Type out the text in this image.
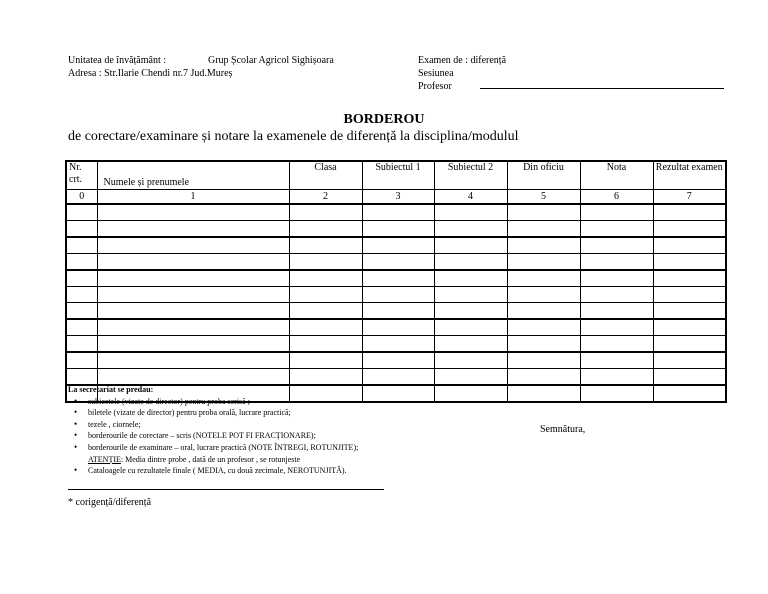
Unitatea de învățământ :	Grup Școlar Agricol Sighișoara
Adresa : Str.Ilarie Chendi nr.7 Jud.Mureș
Examen de : diferență
Sesiunea
Profesor
BORDEROU
de corectare/examinare și notare la examenele de diferență la disciplina/modulul
Nr. crt.	Numele și prenumele	Clasa	Subiectul 1	Subiectul 2	Din oficiu	Nota	Rezultat examen
0	1	2	3	4	5	6	7

La secretariat se predau:
• subiectele (vizate de director) pentru proba scrisă ;
• biletele (vizate de director) pentru proba orală, lucrare practică;
• tezele , ciornele;
• borderourile de corectare – scris (NOTELE POT FI FRACȚIONARE);
• borderourile de examinare – oral, lucrare practică (NOTE ÎNTREGI, ROTUNJITE);
ATENȚIE: Media dintre probe , dată de un profesor , se rotunjeste
• Cataloagele cu rezultatele finale ( MEDIA, cu două zecimale, NEROTUNJITĂ).
Semnătura,
* corigență/diferență
